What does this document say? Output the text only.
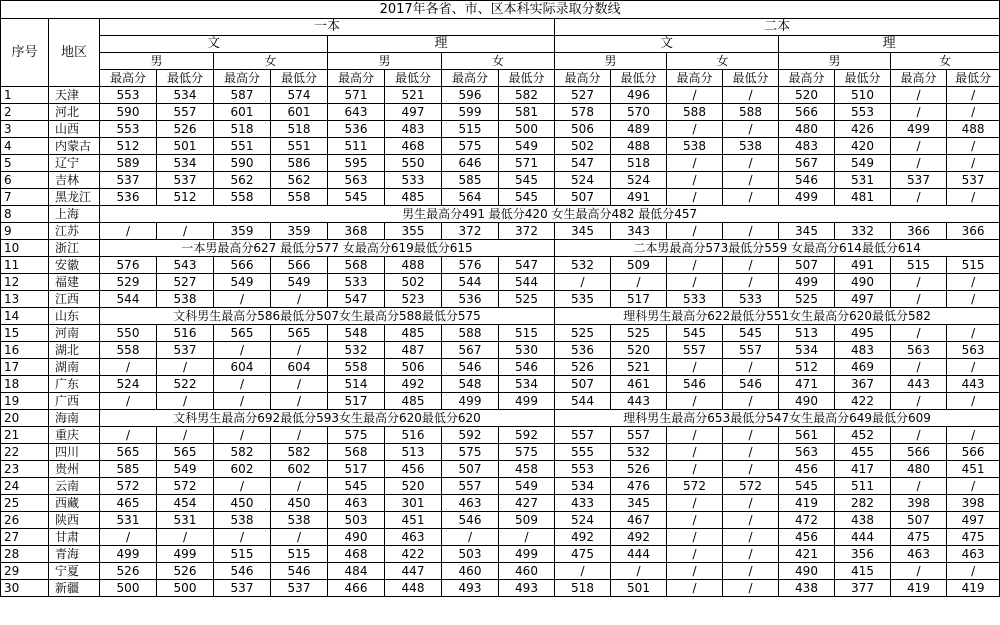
2017年各省、市、区本科实际录取分数线																	
序号	地区	一本								二本							
		文				理				文				理			
		男		女		男		女		男		女		男		女	
		最高分	最低分	最高分	最低分	最高分	最低分	最高分	最低分	最高分	最低分	最高分	最低分	最高分	最低分	最高分	最低分
1	天津	553	534	587	574	571	521	596	582	527	496	/	/	520	510	/	/
2	河北	590	557	601	601	643	497	599	581	578	570	588	588	566	553	/	/
3	山西	553	526	518	518	536	483	515	500	506	489	/	/	480	426	499	488
4	内蒙古	512	501	551	551	511	468	575	549	502	488	538	538	483	420	/	/
5	辽宁	589	534	590	586	595	550	646	571	547	518	/	/	567	549	/	/
6	吉林	537	537	562	562	563	533	585	545	524	524	/	/	546	531	537	537
7	黑龙江	536	512	558	558	545	485	564	545	507	491	/	/	499	481	/	/
8	上海	男生最高分491 最低分420 女生最高分482 最低分457															
9	江苏	/	/	359	359	368	355	372	372	345	343	/	/	345	332	366	366
10	浙江	一本男最高分627 最低分577 女最高分619最低分615								二本男最高分573最低分559 女最高分614最低分614							
11	安徽	576	543	566	566	568	488	576	547	532	509	/	/	507	491	515	515
12	福建	529	527	549	549	533	502	544	544	/	/	/	/	499	490	/	/
13	江西	544	538	/	/	547	523	536	525	535	517	533	533	525	497	/	/
14	山东	文科男生最高分586最低分507女生最高分588最低分575								理科男生最高分622最低分551女生最高分620最低分582							
15	河南	550	516	565	565	548	485	588	515	525	525	545	545	513	495	/	/
16	湖北	558	537	/	/	532	487	567	530	536	520	557	557	534	483	563	563
17	湖南	/	/	604	604	558	506	546	546	526	521	/	/	512	469	/	/
18	广东	524	522	/	/	514	492	548	534	507	461	546	546	471	367	443	443
19	广西	/	/	/	/	517	485	499	499	544	443	/	/	490	422	/	/
20	海南	文科男生最高分692最低分593女生最高分620最低分620								理科男生最高分653最低分547女生最高分649最低分609							
21	重庆	/	/	/	/	575	516	592	592	557	557	/	/	561	452	/	/
22	四川	565	565	582	582	568	513	575	575	555	532	/	/	563	455	566	566
23	贵州	585	549	602	602	517	456	507	458	553	526	/	/	456	417	480	451
24	云南	572	572	/	/	545	520	557	549	534	476	572	572	545	511	/	/
25	西藏	465	454	450	450	463	301	463	427	433	345	/	/	419	282	398	398
26	陕西	531	531	538	538	503	451	546	509	524	467	/	/	472	438	507	497
27	甘肃	/	/	/	/	490	463	/	/	492	492	/	/	456	444	475	475
28	青海	499	499	515	515	468	422	503	499	475	444	/	/	421	356	463	463
29	宁夏	526	526	546	546	484	447	460	460	/	/	/	/	490	415	/	/
30	新疆	500	500	537	537	466	448	493	493	518	501	/	/	438	377	419	419
